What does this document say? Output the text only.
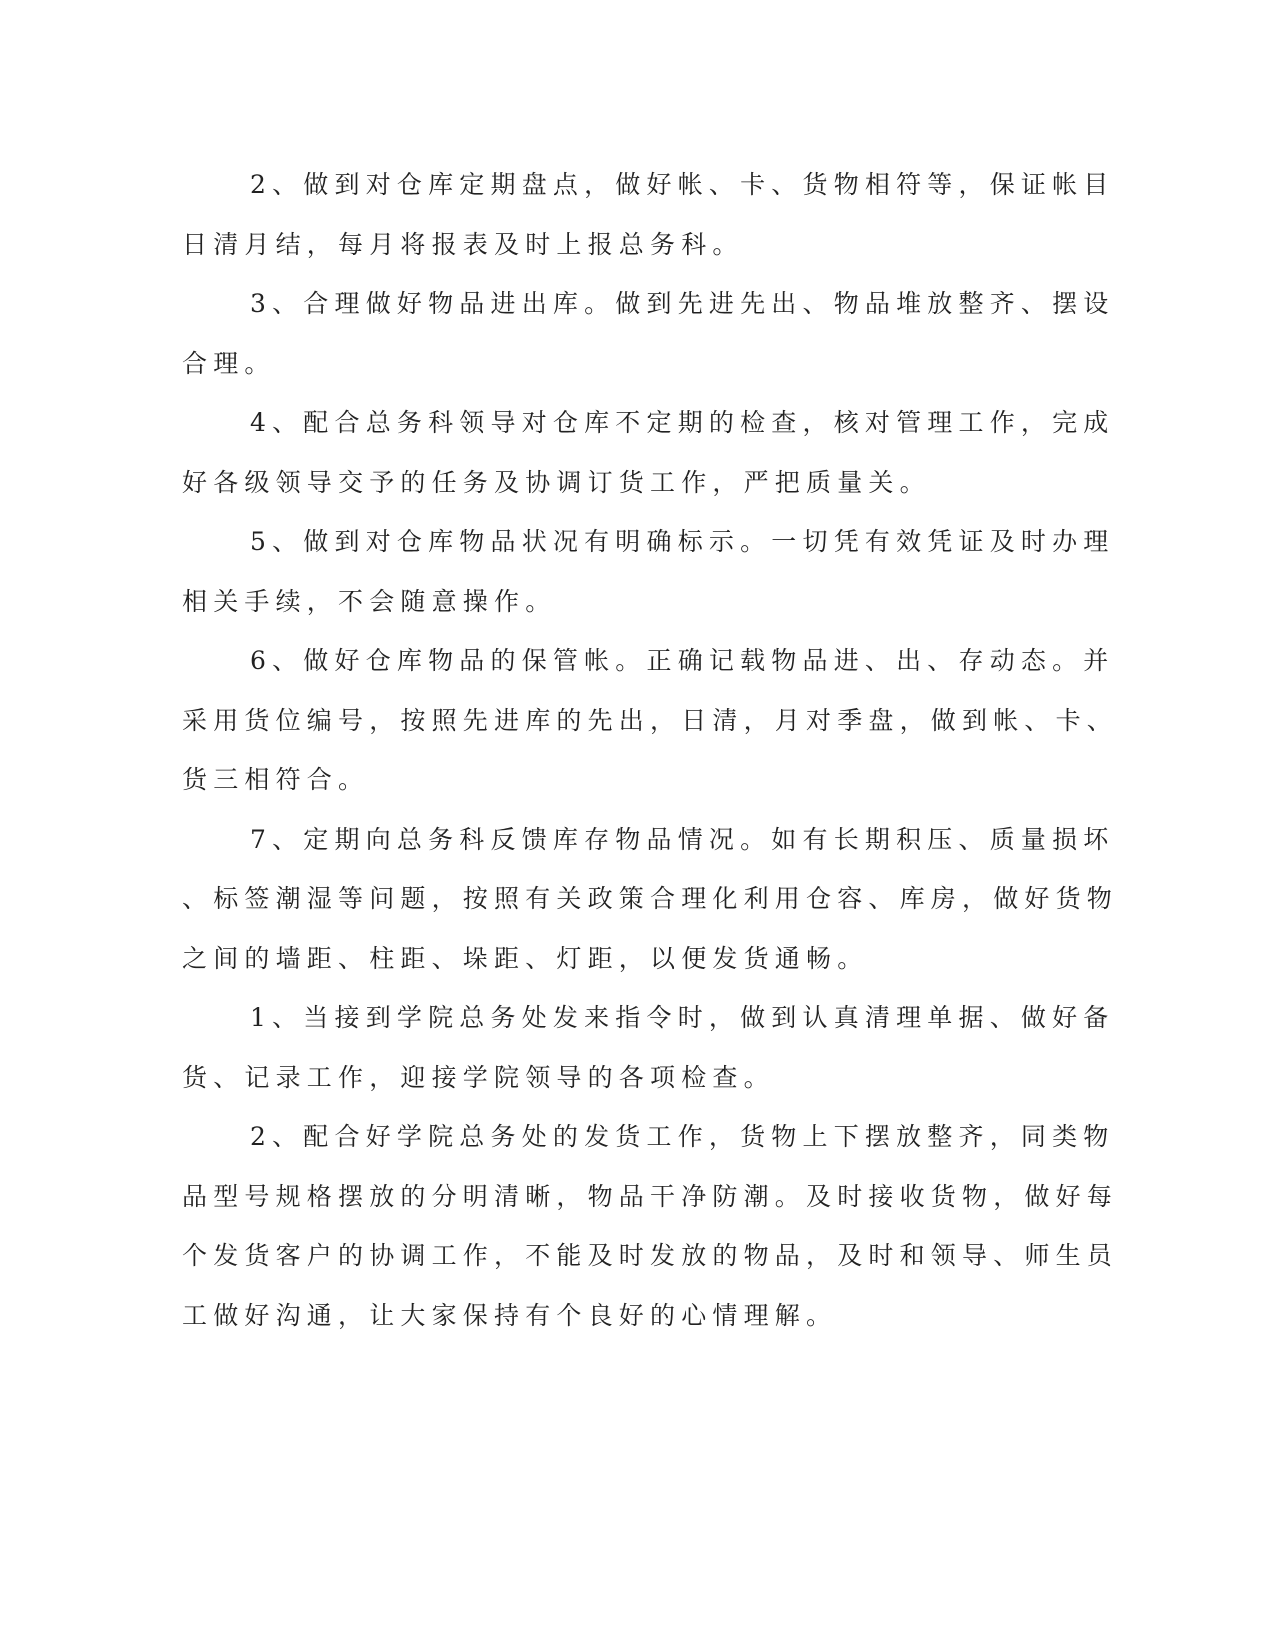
2、做到对仓库定期盘点，做好帐、卡、货物相符等，保证帐目
日清月结，每月将报表及时上报总务科。
3、合理做好物品进出库。做到先进先出、物品堆放整齐、摆设
合理。
4、配合总务科领导对仓库不定期的检查，核对管理工作，完成
好各级领导交予的任务及协调订货工作，严把质量关。
5、做到对仓库物品状况有明确标示。一切凭有效凭证及时办理
相关手续，不会随意操作。
6、做好仓库物品的保管帐。正确记载物品进、出、存动态。并
采用货位编号，按照先进库的先出，日清，月对季盘，做到帐、卡、
货三相符合。
7、定期向总务科反馈库存物品情况。如有长期积压、质量损坏
、标签潮湿等问题，按照有关政策合理化利用仓容、库房，做好货物
之间的墙距、柱距、垛距、灯距，以便发货通畅。
1、当接到学院总务处发来指令时，做到认真清理单据、做好备
货、记录工作，迎接学院领导的各项检查。
2、配合好学院总务处的发货工作，货物上下摆放整齐，同类物
品型号规格摆放的分明清晰，物品干净防潮。及时接收货物，做好每
个发货客户的协调工作，不能及时发放的物品，及时和领导、师生员
工做好沟通，让大家保持有个良好的心情理解。
